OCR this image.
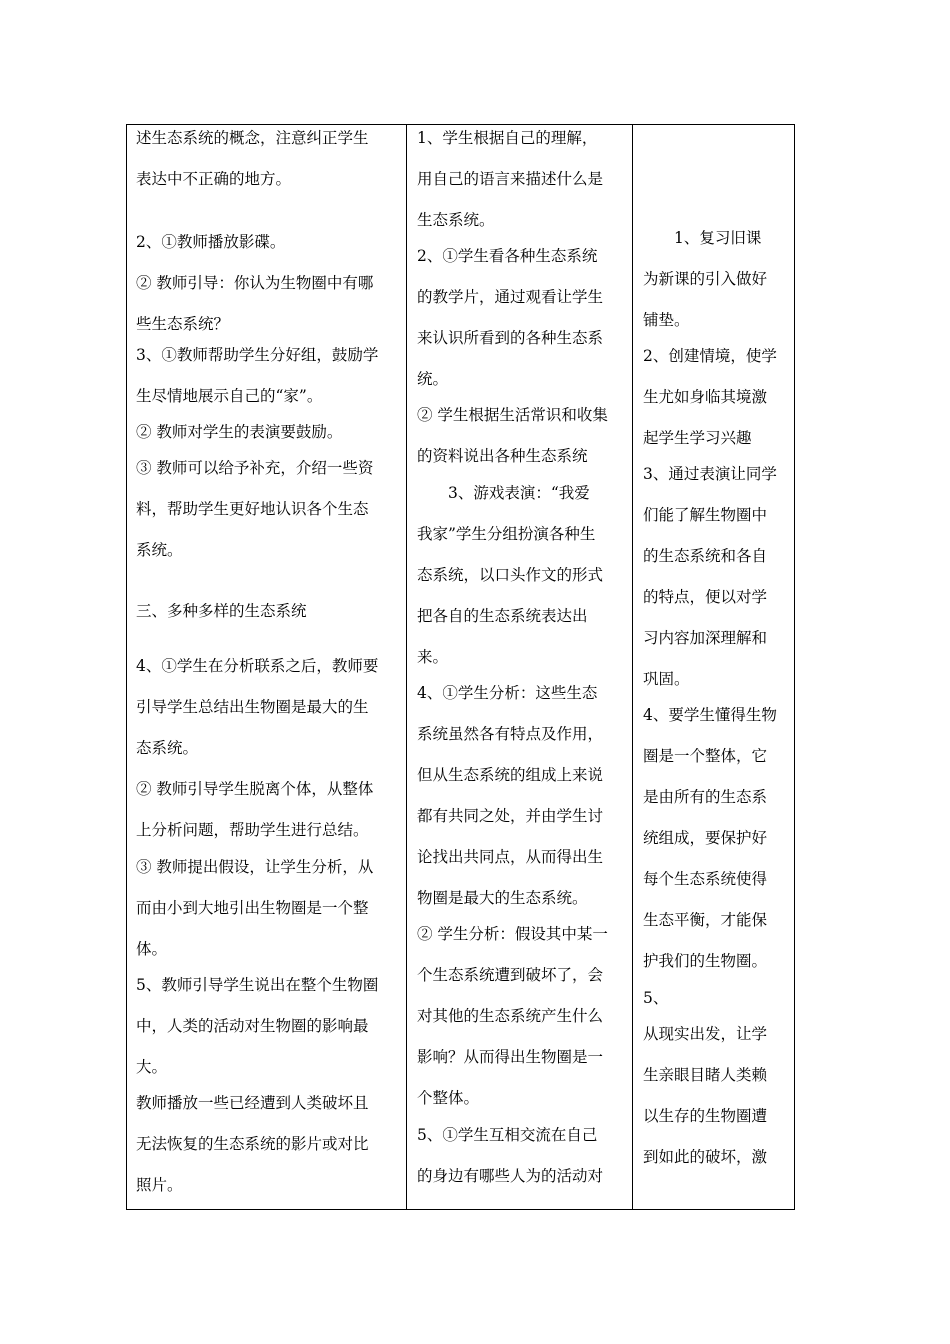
述生态系统的概念，注意纠正学生
表达中不正确的地方。
2、①教师播放影碟。
② 教师引导：你认为生物圈中有哪
些生态系统？
3、①教师帮助学生分好组，鼓励学
生尽情地展示自己的“家”。
② 教师对学生的表演要鼓励。
③ 教师可以给予补充，介绍一些资
料，帮助学生更好地认识各个生态
系统。
三、多种多样的生态系统
4、①学生在分析联系之后，教师要
引导学生总结出生物圈是最大的生
态系统。
② 教师引导学生脱离个体，从整体
上分析问题，帮助学生进行总结。
③ 教师提出假设，让学生分析，从
而由小到大地引出生物圈是一个整
体。
5、教师引导学生说出在整个生物圈
中，人类的活动对生物圈的影响最
大。
教师播放一些已经遭到人类破坏且
无法恢复的生态系统的影片或对比
照片。
1、学生根据自己的理解，
用自己的语言来描述什么是
生态系统。
2、①学生看各种生态系统
的教学片，通过观看让学生
来认识所看到的各种生态系
统。
② 学生根据生活常识和收集
的资料说出各种生态系统
　　3、游戏表演：“我爱
我家”学生分组扮演各种生
态系统，以口头作文的形式
把各自的生态系统表达出
来。
4、①学生分析：这些生态
系统虽然各有特点及作用，
但从生态系统的组成上来说
都有共同之处，并由学生讨
论找出共同点，从而得出生
物圈是最大的生态系统。
② 学生分析：假设其中某一
个生态系统遭到破坏了，会
对其他的生态系统产生什么
影响？从而得出生物圈是一
个整体。
5、①学生互相交流在自己
的身边有哪些人为的活动对
　　1、复习旧课
为新课的引入做好
铺垫。
2、创建情境，使学
生尤如身临其境激
起学生学习兴趣
3、通过表演让同学
们能了解生物圈中
的生态系统和各自
的特点，便以对学
习内容加深理解和
巩固。
4、要学生懂得生物
圈是一个整体，它
是由所有的生态系
统组成，要保护好
每个生态系统使得
生态平衡，才能保
护我们的生物圈。
5、
从现实出发，让学
生亲眼目睹人类赖
以生存的生物圈遭
到如此的破坏，激
